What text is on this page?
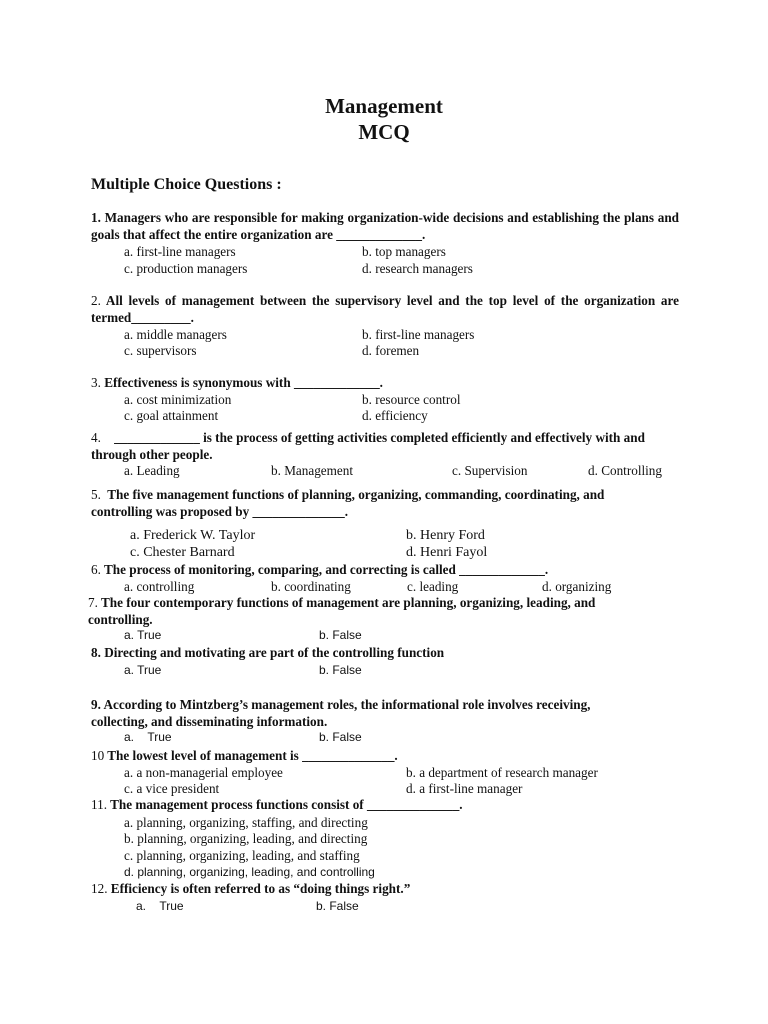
Management
MCQ
Multiple Choice Questions :
1. Managers who are responsible for making organization-wide decisions and establishing the plans and goals that affect the entire organization are _____________.
a. first-line managers	b. top managers
c. production managers	d. research managers
2. All levels of management between the supervisory level and the top level of the organization are termed_________.
a. middle managers	b. first-line managers
c. supervisors	d. foremen
3. Effectiveness is synonymous with _____________.
a. cost minimization	b. resource control
c. goal attainment	d. efficiency
4. _____________ is the process of getting activities completed efficiently and effectively with and through other people.
a. Leading	b. Management	c. Supervision	d. Controlling
5. The five management functions of planning, organizing, commanding, coordinating, and controlling was proposed by ______________.
a. Frederick W. Taylor	b. Henry Ford
c. Chester Barnard	d. Henri Fayol
6. The process of monitoring, comparing, and correcting is called _____________.
a. controlling	b. coordinating	c. leading	d. organizing
7. The four contemporary functions of management are planning, organizing, leading, and controlling.
a. True	b. False
8. Directing and motivating are part of the controlling function
a. True	b. False
9. According to Mintzberg’s management roles, the informational role involves receiving, collecting, and disseminating information.
a.    True	b. False
10 The lowest level of management is ______________.
a. a non-managerial employee	b. a department of research manager
c. a vice president	d. a first-line manager
11. The management process functions consist of ______________.
a. planning, organizing, staffing, and directing
b. planning, organizing, leading, and directing
c. planning, organizing, leading, and staffing
d. planning, organizing, leading, and controlling
12. Efficiency is often referred to as “doing things right.”
a.    True	b. False
